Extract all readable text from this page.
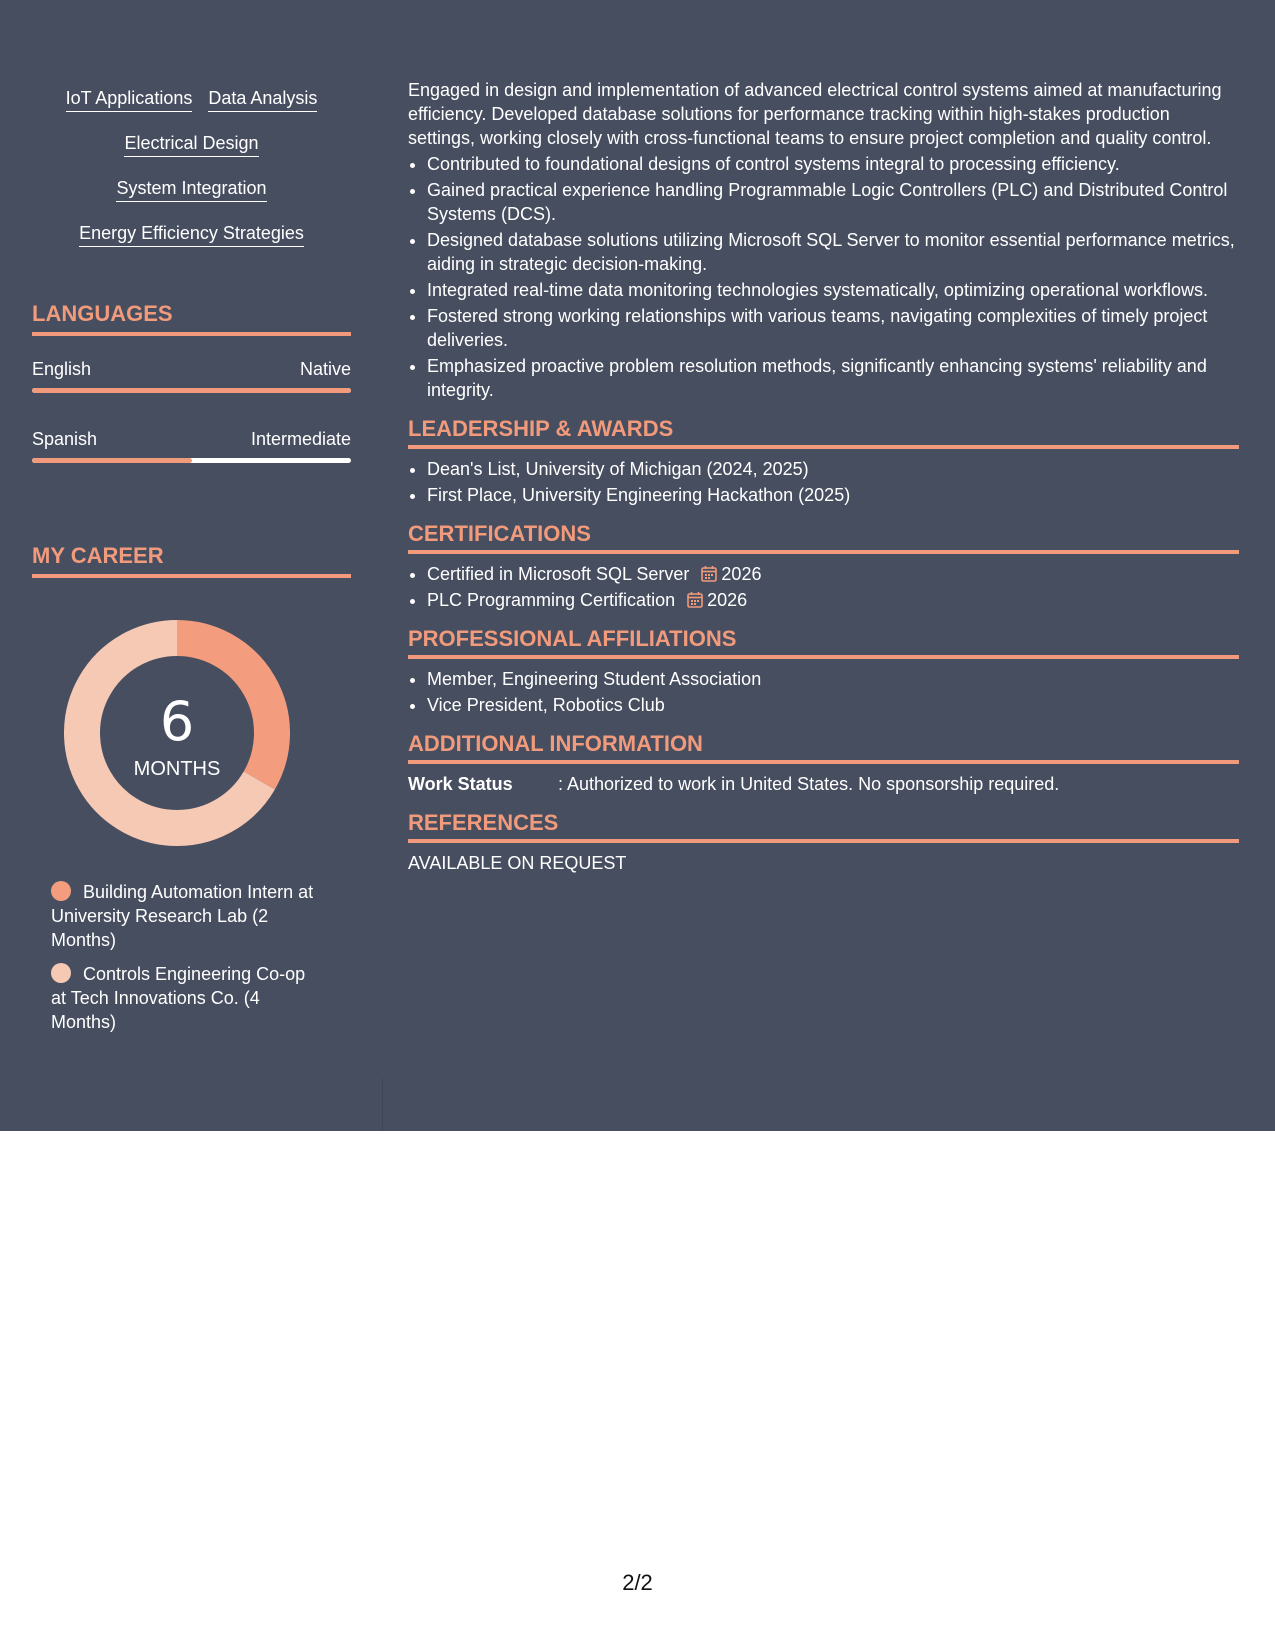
IoT Applications Data Analysis
Electrical Design
System Integration
Energy Efficiency Strategies
LANGUAGES
English	Native
Spanish	Intermediate
MY CAREER
6
MONTHS
Building Automation Intern at University Research Lab (2 Months)
Controls Engineering Co-op at Tech Innovations Co. (4 Months)

Engaged in design and implementation of advanced electrical control systems aimed at manufacturing efficiency. Developed database solutions for performance tracking within high-stakes production settings, working closely with cross-functional teams to ensure project completion and quality control.

• Contributed to foundational designs of control systems integral to processing efficiency.
• Gained practical experience handling Programmable Logic Controllers (PLC) and Distributed Control Systems (DCS).
• Designed database solutions utilizing Microsoft SQL Server to monitor essential performance metrics, aiding in strategic decision-making.
• Integrated real-time data monitoring technologies systematically, optimizing operational workflows.
• Fostered strong working relationships with various teams, navigating complexities of timely project deliveries.
• Emphasized proactive problem resolution methods, significantly enhancing systems' reliability and integrity.
LEADERSHIP & AWARDS
• Dean's List, University of Michigan (2024, 2025)
• First Place, University Engineering Hackathon (2025)
CERTIFICATIONS
• Certified in Microsoft SQL Server 2026
• PLC Programming Certification 2026
PROFESSIONAL AFFILIATIONS
• Member, Engineering Student Association
• Vice President, Robotics Club
ADDITIONAL INFORMATION
Work Status	: Authorized to work in United States. No sponsorship required.
REFERENCES
AVAILABLE ON REQUEST
2/2
